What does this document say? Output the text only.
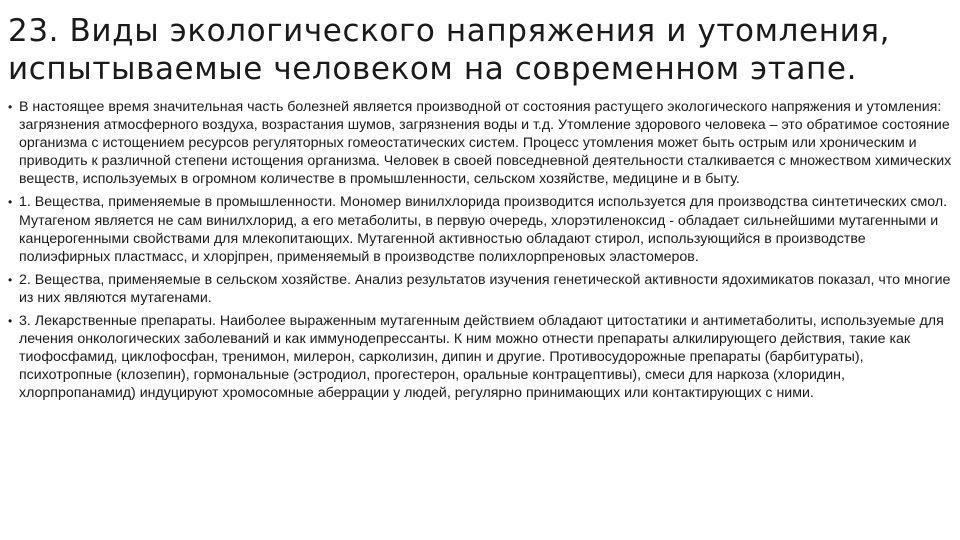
23. Виды экологического напряжения и утомления,
испытываемые человеком на современном этапе.
• В настоящее время значительная часть болезней является производной от состояния растущего экологического напряжения и утомления: загрязнения атмосферного воздуха, возрастания шумов, загрязнения воды и т.д. Утомление здорового человека – это обратимое состояние организма с истощением ресурсов регуляторных гомеостатических систем. Процесс утомления может быть острым или хроническим и приводить к различной степени истощения организма. Человек в своей повседневной деятельности сталкивается с множеством химических веществ, используемых в огромном количестве в промышленности, сельском хозяйстве, медицине и в быту.
• 1. Вещества, применяемые в промышленности. Мономер винилхлорида производится используется для производства синтетических смол. Мутагеном является не сам винилхлорид, а его метаболиты, в первую очередь, хлорэтиленоксид - обладает сильнейшими мутагенными и канцерогенными свойствами для млекопитающих. Мутагенной активностью обладают стирол, использующийся в производстве полиэфирных пластмасс, и хлорјпрен, применяемый в производстве полихлорпреновых эластомеров.
• 2. Вещества, применяемые в сельском хозяйстве. Анализ результатов изучения генетической активности ядохимикатов показал, что многие из них являются мутагенами.
• 3. Лекарственные препараты. Наиболее выраженным мутагенным действием обладают цитостатики и антиметаболиты, используемые для лечения онкологических заболеваний и как иммунодепрессанты. К ним можно отнести препараты алкилирующего действия, такие как тиофосфамид, циклофосфан, тренимон, милерон, сарколизин, дипин и другие. Противосудорожные препараты (барбитураты), психотропные (клозепин), гормональные (эстродиол, прогестерон, оральные контрацептивы), смеси для наркоза (хлоридин, хлорпропанамид) индуцируют хромосомные аберрации у людей, регулярно принимающих или контактирующих с ними.
